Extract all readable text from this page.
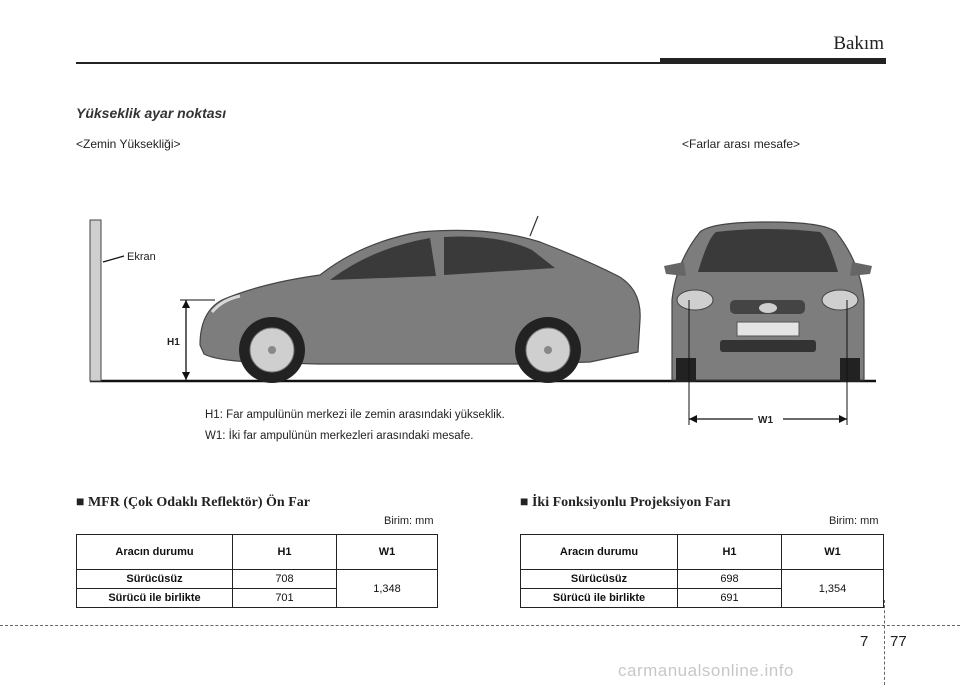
Bakım
Yükseklik ayar noktası
<Zemin Yüksekliği>	<Farlar arası mesafe>
Ekran
H1
W1
H1: Far ampulünün merkezi ile zemin arasındaki yükseklik.
W1: İki far ampulünün merkezleri arasındaki mesafe.
■ MFR (Çok Odaklı Reflektör) Ön Far
Birim: mm
Aracın durumu	H1	W1
Sürücüsüz	708	1,348
Sürücü ile birlikte	701	
■ İki Fonksiyonlu Projeksiyon Farı
Birim: mm
Aracın durumu	H1	W1
Sürücüsüz	698	1,354
Sürücü ile birlikte	691	
7 77
carmanualsonline.info
